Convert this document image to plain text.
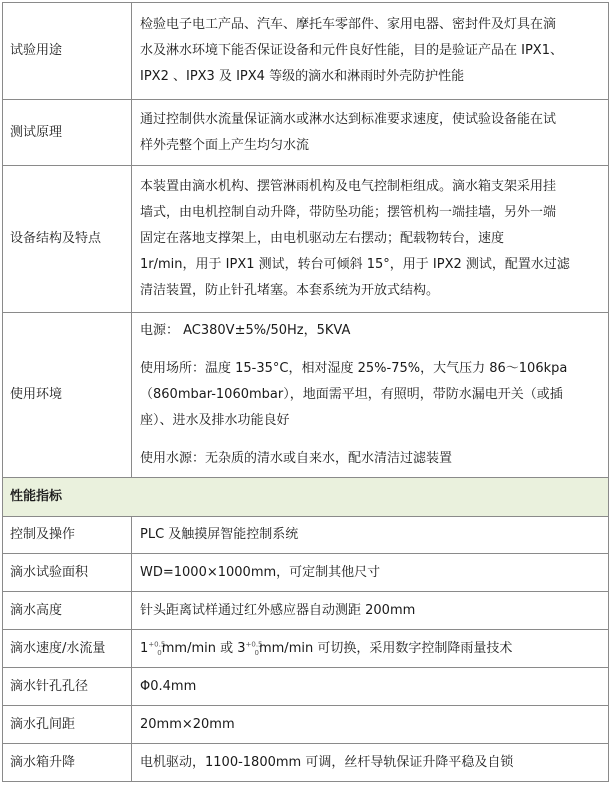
试验用途	检验电子电工产品、汽车、摩托车零部件、家用电器、密封件及灯具在滴

水及淋水环境下能否保证设备和元件良好性能，目的是验证产品在 IPX1、

IPX2 、IPX3 及 IPX4 等级的滴水和淋雨时外壳防护性能

测试原理	通过控制供水流量保证滴水或淋水达到标准要求速度，使试验设备能在试

样外壳整个面上产生均匀水流

设备结构及特点	本装置由滴水机构、摆管淋雨机构及电气控制柜组成。滴水箱支架采用挂

墙式，由电机控制自动升降，带防坠功能；摆管机构一端挂墙，另外一端

固定在落地支撑架上，由电机驱动左右摆动；配载物转台，速度

1r/min，用于 IPX1 测试，转台可倾斜 15°，用于 IPX2 测试，配置水过滤

清洁装置，防止针孔堵塞。本套系统为开放式结构。

使用环境	电源： AC380V±5%/50Hz，5KVA

使用场所：温度 15-35°C，相对湿度 25%-75%，大气压力 86～106kpa

（860mbar-1060mbar），地面需平坦，有照明，带防水漏电开关（或插

座）、进水及排水功能良好

使用水源：无杂质的清水或自来水，配水清洁过滤装置

性能指标	
控制及操作	PLC 及触摸屏智能控制系统
滴水试验面积	WD=1000×1000mm，可定制其他尺寸
滴水高度	针头距离试样通过红外感应器自动测距 200mm
滴水速度/水流量	$1^{+0.5}_0mm/\min$ 或 $3^{+0.5}_0mm/\min$ 可切换，采用数字控制降雨量技术
滴水针孔孔径	Φ0.4mm
滴水孔间距	20mm×20mm
滴水箱升降	电机驱动，1100-1800mm 可调，丝杆导轨保证升降平稳及自锁
